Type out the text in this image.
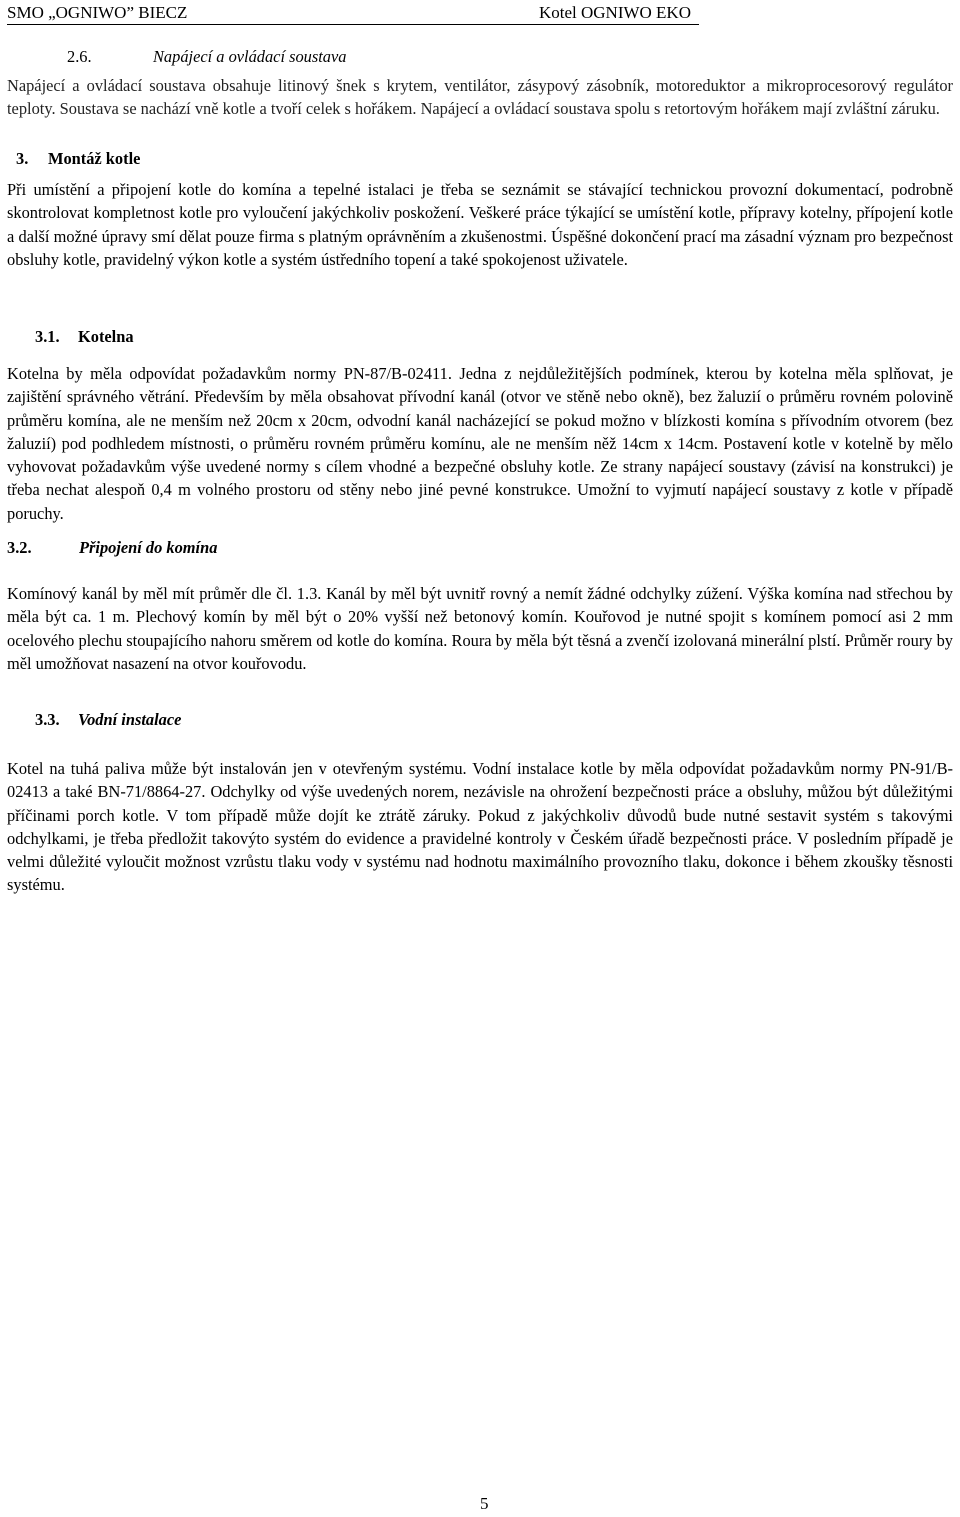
SMO „OGNIWO” BIECZ	Kotel OGNIWO EKO
2.6.	Napájecí a ovládací soustava

Napájecí a ovládací soustava obsahuje litinový šnek s krytem, ventilátor, zásypový zásobník, motoreduktor a mikroprocesorový regulátor teploty. Soustava se nachází vně kotle a tvoří celek s hořákem. Napájecí a ovládací soustava spolu s retortovým hořákem mají zvláštní záruku.

3. Montáž kotle

Při umístění a připojení kotle do komína a tepelné istalaci je třeba se seznámit se stávající technickou provozní dokumentací, podrobně skontrolovat kompletnost kotle pro vyloučení jakýchkoliv poskožení. Veškeré práce týkající se umístění kotle, přípravy kotelny, přípojení kotle a další možné úpravy smí dělat pouze firma s platným oprávněním a zkušenostmi. Úspěšné dokončení prací ma zásadní význam pro bezpečnost obsluhy kotle, pravidelný výkon kotle a systém ústředního topení a také spokojenost uživatele.

3.1. Kotelna

Kotelna by měla odpovídat požadavkům normy PN-87/B-02411. Jedna z nejdůležitějších podmínek, kterou by kotelna měla splňovat, je zajištění správného větrání. Především by měla obsahovat přívodní kanál (otvor ve stěně nebo okně), bez žaluzií o průměru rovném polovině průměru komína, ale ne menším než 20cm x 20cm, odvodní kanál nacházející se pokud možno v blízkosti komína s přívodním otvorem (bez žaluzií) pod podhledem místnosti, o průměru rovném průměru komínu, ale ne menším něž 14cm x 14cm. Postavení kotle v kotelně by mělo vyhovovat požadavkům výše uvedené normy s cílem vhodné a bezpečné obsluhy kotle. Ze strany napájecí soustavy (závisí na konstrukci) je třeba nechat alespoň 0,4 m volného prostoru od stěny nebo jiné pevné konstrukce. Umožní to vyjmutí napájecí soustavy z kotle v případě poruchy.

3.2.	Připojení do komína

Komínový kanál by měl mít průměr dle čl. 1.3. Kanál by měl být uvnitř rovný a nemít žádné odchylky zúžení. Výška komína nad střechou by měla být ca. 1 m. Plechový komín by měl být o 20% vyšší než betonový komín. Kouřovod je nutné spojit s komínem pomocí asi 2 mm ocelového plechu stoupajícího nahoru směrem od kotle do komína. Roura by měla být těsná a zvenčí izolovaná minerální plstí. Průměr roury by měl umožňovat nasazení na otvor kouřovodu.

3.3. Vodní instalace

Kotel na tuhá paliva může být instalován jen v otevřeným systému. Vodní instalace kotle by měla odpovídat požadavkům normy PN-91/B-02413 a také BN-71/8864-27. Odchylky od výše uvedených norem, nezávisle na ohrožení bezpečnosti práce a obsluhy, můžou být důležitými příčinami porch kotle. V tom případě může dojít ke ztrátě záruky. Pokud z jakýchkoliv důvodů bude nutné sestavit systém s takovými odchylkami, je třeba předložit takovýto systém do evidence a pravidelné kontroly v Českém úřadě bezpečnosti práce. V posledním případě je velmi důležité vyloučit možnost vzrůstu tlaku vody v systému nad hodnotu maximálního provozního tlaku, dokonce i během zkoušky těsnosti systému.

5
